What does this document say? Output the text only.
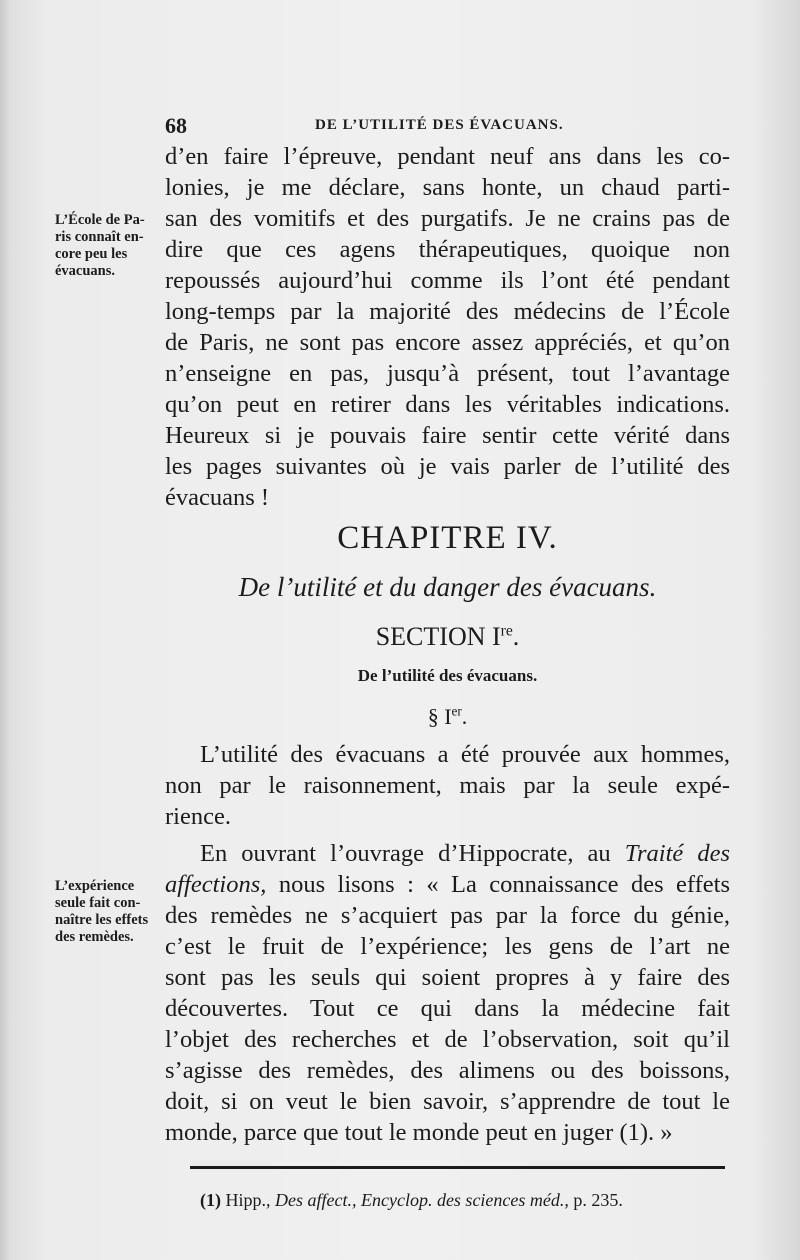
68	DE L’UTILITÉ DES ÉVACUANS.
L’École de Pa-
ris connaît en-
core peu les
évacuans.
d’en faire l’épreuve, pendant neuf ans dans les co-
lonies, je me déclare, sans honte, un chaud parti-
san des vomitifs et des purgatifs. Je ne crains pas de
dire que ces agens thérapeutiques, quoique non
repoussés aujourd’hui comme ils l’ont été pendant
long-temps par la majorité des médecins de l’École
de Paris, ne sont pas encore assez appréciés, et qu’on
n’enseigne en pas, jusqu’à présent, tout l’avantage
qu’on peut en retirer dans les véritables indications.
Heureux si je pouvais faire sentir cette vérité dans
les pages suivantes où je vais parler de l’utilité des
évacuans !
CHAPITRE IV.
De l’utilité et du danger des évacuans.
SECTION Ire.
De l’utilité des évacuans.
§ Ier.
L’utilité des évacuans a été prouvée aux hommes,
non par le raisonnement, mais par la seule expé-
rience.
L’expérience
seule fait con-
naître les effets
des remèdes.
En ouvrant l’ouvrage d’Hippocrate, au Traité des
affections, nous lisons : « La connaissance des effets
des remèdes ne s’acquiert pas par la force du génie,
c’est le fruit de l’expérience; les gens de l’art ne
sont pas les seuls qui soient propres à y faire des
découvertes. Tout ce qui dans la médecine fait
l’objet des recherches et de l’observation, soit qu’il
s’agisse des remèdes, des alimens ou des boissons,
doit, si on veut le bien savoir, s’apprendre de tout le
monde, parce que tout le monde peut en juger (1). »
(1) Hipp., Des affect., Encyclop. des sciences méd., p. 235.
